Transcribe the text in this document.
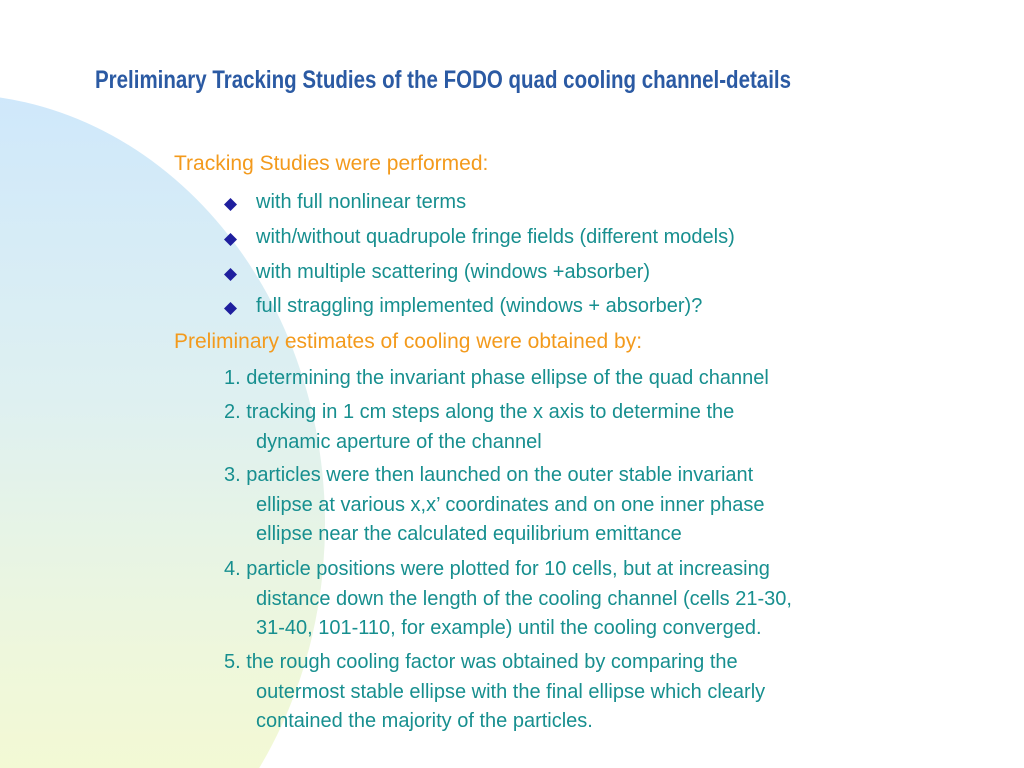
Preliminary Tracking Studies of the FODO quad cooling channel-details
Tracking Studies were performed:
with full nonlinear terms
with/without quadrupole fringe fields (different models)
with multiple scattering (windows +absorber)
full straggling implemented (windows + absorber)?
Preliminary estimates of cooling were obtained by:
1. determining the invariant phase ellipse of the quad channel
2. tracking in 1 cm steps along the x axis to determine the
dynamic aperture of the channel
3. particles were then launched on the outer stable invariant
ellipse at various x,x’ coordinates and on one inner phase
ellipse near the calculated equilibrium emittance
4. particle positions were plotted for 10 cells, but at increasing
distance down the length of the cooling channel (cells 21-30,
31-40, 101-110, for example) until the cooling converged.
5. the rough cooling factor was obtained by comparing the
outermost stable ellipse with the final ellipse which clearly
contained the majority of the particles.
